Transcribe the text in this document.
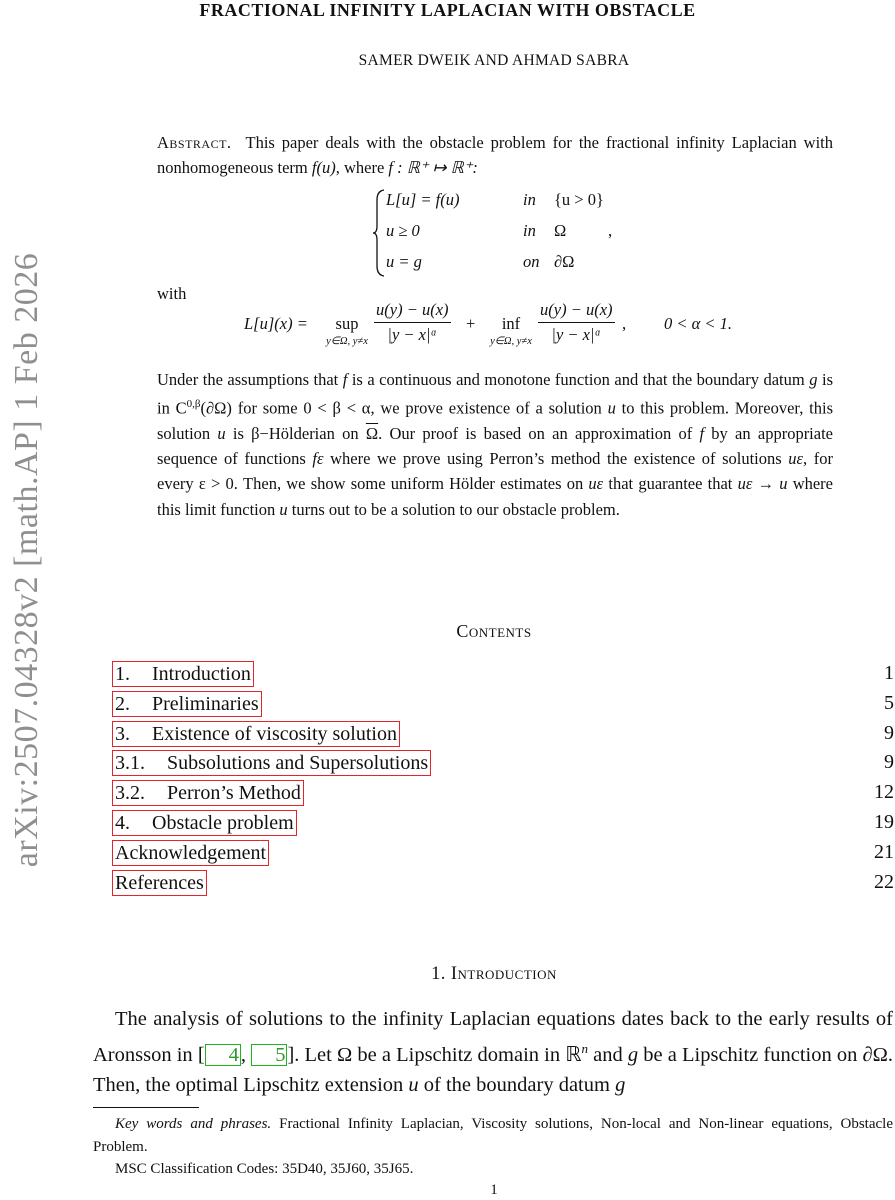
arXiv:2507.04328v2 [math.AP] 1 Feb 2026
FRACTIONAL INFINITY LAPLACIAN WITH OBSTACLE
SAMER DWEIK AND AHMAD SABRA
Abstract. This paper deals with the obstacle problem for the fractional infinity Laplacian with nonhomogeneous term f(u), where f : ℝ⁺ ↦ ℝ⁺:
L[u] = f(u)	in {u > 0}
u ≥ 0	in Ω
u = g	on ∂Ω
,
with
L[u](x) =	sup
y∈Ω, $y\ne x \frac{u(y) - u(x)}{\text{|y − x|ᵅ}}$ +	inf
y∈Ω, $y\ne x \frac{u(y) - u(x)}{\text{|y − x|ᵅ}}$ , 0 < α < 1.
Under the assumptions that f is a continuous and monotone function and that the boundary datum g is in $C^{0,\beta}(\partial\Omega)$ for some 0 < β < α, we prove existence of a solution u to this problem. Moreover, this solution u is β−Hölderian on $\overline{\Omega}$. Our proof is based on an approximation of f by an appropriate sequence of functions fε where we prove using Perron’s method the existence of solutions uε, for every ε > 0. Then, we show some uniform Hölder estimates on uε that guarantee that uε → u where this limit function u turns out to be a solution to our obstacle problem.
Contents
1. Introduction	1
2. Preliminaries	5
3. Existence of viscosity solution	9
3.1. Subsolutions and Supersolutions	9
3.2. Perron’s Method	12
4. Obstacle problem	19
Acknowledgement	21
References	22
1. Introduction
The analysis of solutions to the infinity Laplacian equations dates back to the early results of Aronsson in [ 4, 5]. Let Ω be a Lipschitz domain in ℝ$^n$ and g be a Lipschitz function on ∂Ω. Then, the optimal Lipschitz extension u of the boundary datum g
Key words and phrases. Fractional Infinity Laplacian, Viscosity solutions, Non-local and Non-linear equations, Obstacle Problem.
MSC Classification Codes: 35D40, 35J60, 35J65.
1
